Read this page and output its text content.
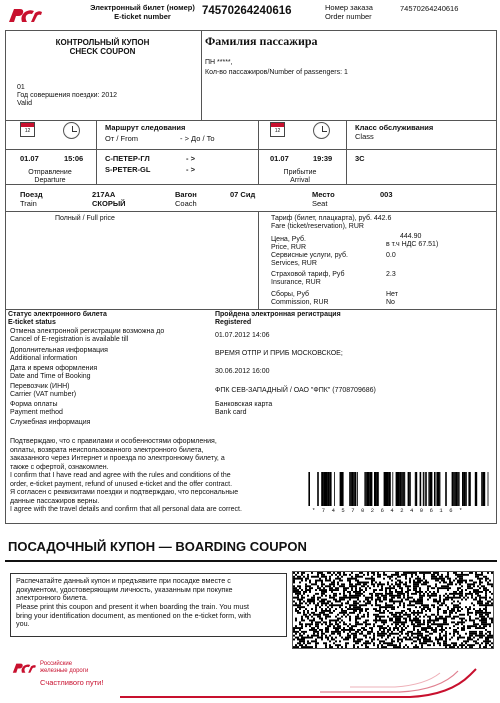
Электронный билет (номер)
E-ticket number	74570264240616	Номер заказа
Order number
74570264240616
КОНТРОЛЬНЫЙ КУПОН
CHECK COUPON
01
Год совершения поездки: 2012
Valid
Фамилия пассажира
ПН *****,
Кол-во пассажиров/Number of passengers: 1
12	Маршрут следования
От / From	- > До / To
12	Класс обслуживания
Class
01.07	15:06	С-ПЕТЕР-ГЛ
S-PETER-GL
- >
- >
Отправление
Departure
01.07	19:39	3С
Прибытие
Arrival
Поезд
Train
217АА
СКОРЫЙ
Вагон
Coach
07 Сид	Место
Seat
003
Полный / Full price	Тариф (билет, плацкарта), руб. 442.6
Fare (ticket/reservation), RUR
Цена, Руб.
Price, RUR
444.90
в т.ч НДС 67.51)
Сервисные услуги, руб.
Services, RUR
0.0
Страховой тариф, Руб
Insurance, RUR
2.3
Сборы, Руб
Commission, RUR
Нет
No
Статус электронного билета
E-ticket status
Пройдена электронная регистрация
Registered
Отмена электронной регистрации возможна до
Cancel of E-registration is available till
01.07.2012 14:06
Дополнительная информация
Additional information
ВРЕМЯ ОТПР И ПРИБ МОСКОВСКОЕ;
Дата и время оформления
Date and Time of Booking
30.06.2012 16:00
Перевозчик (ИНН)
Carrier (VAT number)
ФПК СЕВ-ЗАПАДНЫЙ / ОАО "ФПК" (7708709686)
Форма оплаты
Payment method
Банковская карта
Bank card
Служебная информация
Подтверждаю, что с правилами и особенностями оформления,
оплаты, возврата неиспользованного электронного билета,
заказанного через Интернет и проезда по электронному билету, а
также с офертой, ознакомлен.
I confirm that I have read and agree with the rules and conditions of the
order, e-ticket payment, refund of unused e-ticket and the offer contract.
Я согласен с реквизитами поездки и подтверждаю, что персональные
данные пассажиров верны.
I agree with the travel details and confirm that all personal data are correct.	* 7 4 5 7 0 2 6 4 2 4 0 6 1 6 *
ПОСАДОЧНЫЙ КУПОН — BOARDING COUPON
Распечатайте данный купон и предъявите при посадке вместе с
документом, удостоверяющим личность, указанным при покупке
электронного билета.
Please print this coupon and present it when boarding the train. You must
bring your identification document, as mentioned on the e-ticket form, with
you.
Российские
железные дороги
Счастливого пути!
